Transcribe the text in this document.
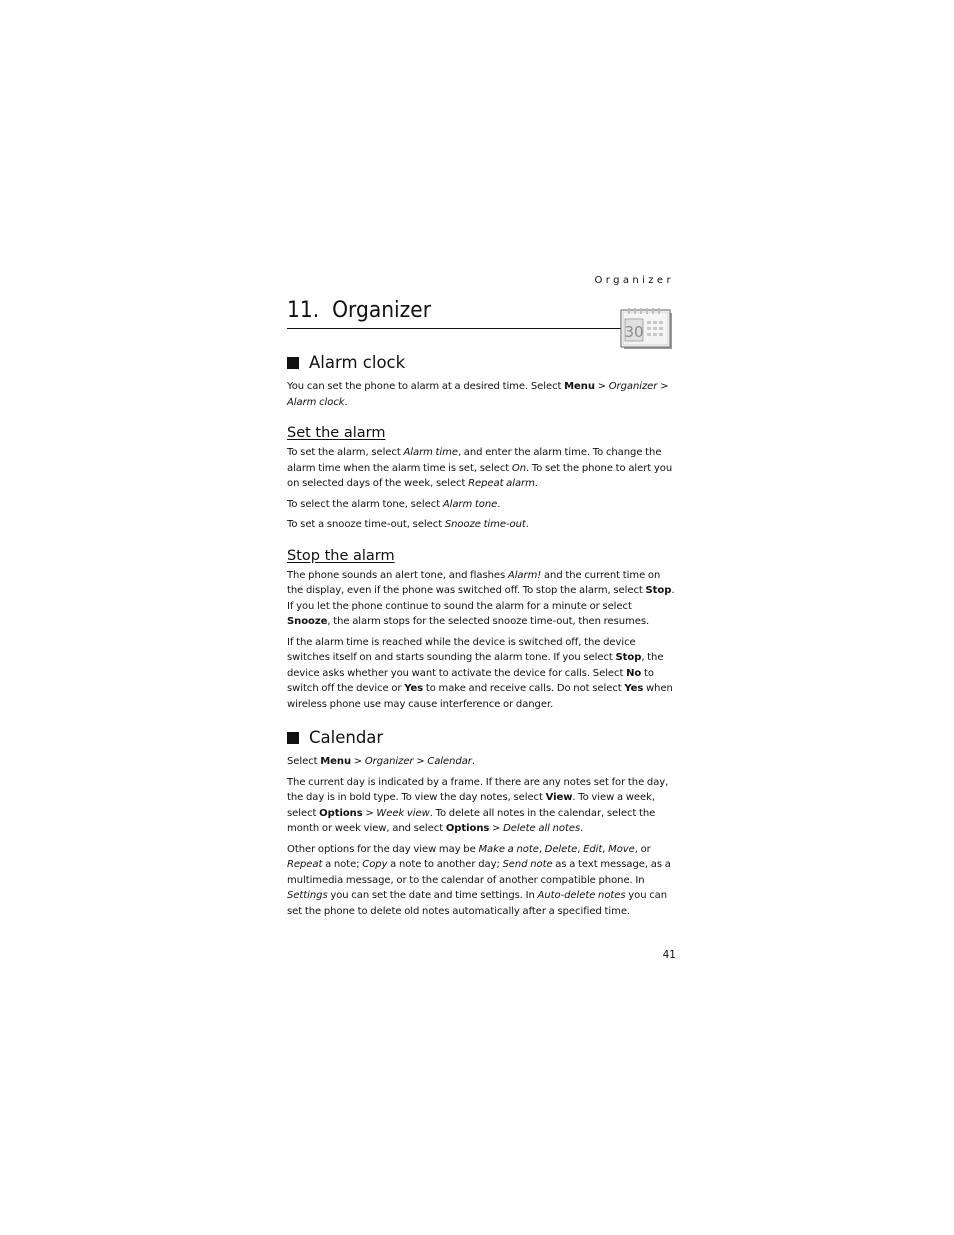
Organizer
11. Organizer
30
Alarm clock

You can set the phone to alarm at a desired time. Select Menu > Organizer > Alarm clock.

Set the alarm

To set the alarm, select Alarm time, and enter the alarm time. To change the alarm time when the alarm time is set, select On. To set the phone to alert you on selected days of the week, select Repeat alarm.

To select the alarm tone, select Alarm tone.

To set a snooze time-out, select Snooze time-out.

Stop the alarm

The phone sounds an alert tone, and flashes Alarm! and the current time on the display, even if the phone was switched off. To stop the alarm, select Stop. If you let the phone continue to sound the alarm for a minute or select Snooze, the alarm stops for the selected snooze time-out, then resumes.

If the alarm time is reached while the device is switched off, the device switches itself on and starts sounding the alarm tone. If you select Stop, the device asks whether you want to activate the device for calls. Select No to switch off the device or Yes to make and receive calls. Do not select Yes when wireless phone use may cause interference or danger.

Calendar

Select Menu > Organizer > Calendar.

The current day is indicated by a frame. If there are any notes set for the day, the day is in bold type. To view the day notes, select View. To view a week, select Options > Week view. To delete all notes in the calendar, select the month or week view, and select Options > Delete all notes.

Other options for the day view may be Make a note, Delete, Edit, Move, or Repeat a note; Copy a note to another day; Send note as a text message, as a multimedia message, or to the calendar of another compatible phone. In Settings you can set the date and time settings. In Auto-delete notes you can set the phone to delete old notes automatically after a specified time.

41
